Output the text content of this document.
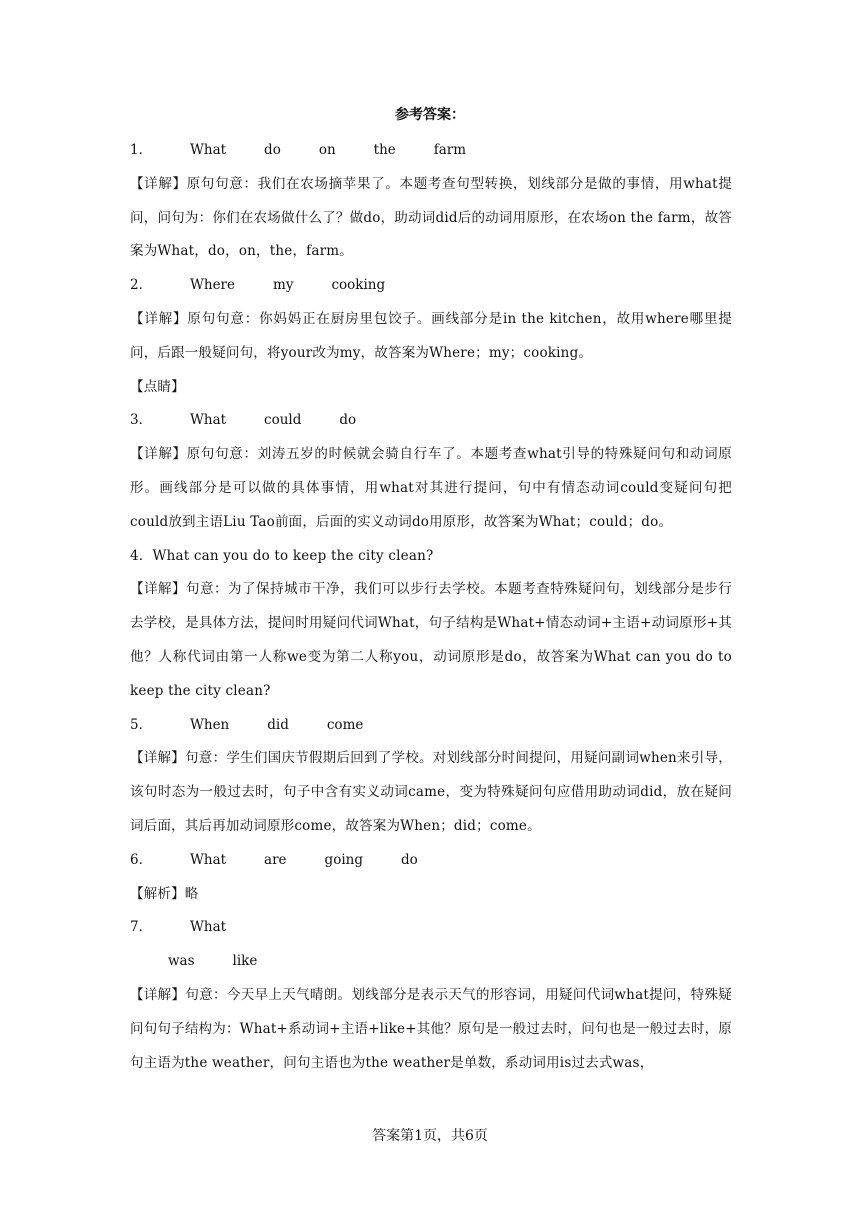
参考答案：
1．	What	do	on	the	farm
【详解】原句句意：我们在农场摘苹果了。本题考查句型转换，划线部分是做的事情，用what提问，问句为：你们在农场做什么了？做do，助动词did后的动词用原形，在农场on the farm，故答案为What，do，on，the，farm。
2．	Where	my	cooking
【详解】原句句意：你妈妈正在厨房里包饺子。画线部分是in the kitchen，故用where哪里提问，后跟一般疑问句，将your改为my，故答案为Where；my；cooking。
【点睛】
3．	What	could	do
【详解】原句句意：刘涛五岁的时候就会骑自行车了。本题考查what引导的特殊疑问句和动词原形。画线部分是可以做的具体事情，用what对其进行提问，句中有情态动词could变疑问句把could放到主语Liu Tao前面，后面的实义动词do用原形，故答案为What；could；do。
4．What can you do to keep the city clean?
【详解】句意：为了保持城市干净，我们可以步行去学校。本题考查特殊疑问句，划线部分是步行去学校，是具体方法，提问时用疑问代词What，句子结构是What+情态动词+主语+动词原形+其他？人称代词由第一人称we变为第二人称you，动词原形是do，故答案为What can you do to keep the city clean?
5．	When	did	come
【详解】句意：学生们国庆节假期后回到了学校。对划线部分时间提问，用疑问副词when来引导，该句时态为一般过去时，句子中含有实义动词came，变为特殊疑问句应借用助动词did，放在疑问词后面，其后再加动词原形come，故答案为When；did；come。
6．	What	are	going	do
【解析】略
7．	What
was	like
【详解】句意：今天早上天气晴朗。划线部分是表示天气的形容词，用疑问代词what提问，特殊疑问句句子结构为：What+系动词+主语+like+其他？原句是一般过去时，问句也是一般过去时，原句主语为the weather，问句主语也为the weather是单数，系动词用is过去式was，
答案第1页，共6页
